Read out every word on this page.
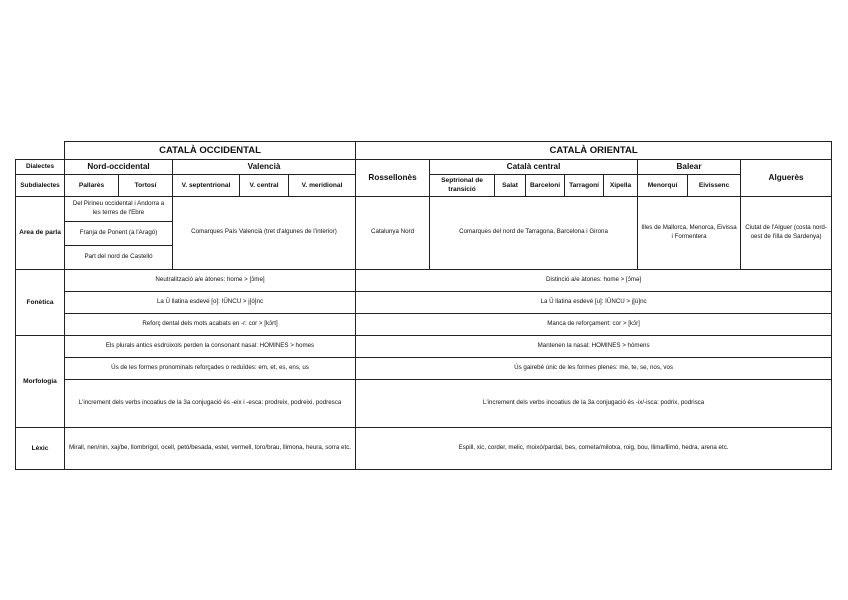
	CATALÀ OCCIDENTAL					CATALÀ ORIENTAL								
Dialectes	Nord-occidental		Valencià			Rossellonès	Català central					Balear		Alguerès
Subdialectes	Pallarès	Tortosí	V. septentrional	V. central	V. meridional		Septrional de transició	Salat	Barceloní	Tarragoní	Xipella	Menorquí	Eivissenc	
Area de parla	Del Pirineu occidental i Andorra a les terres de l'Ebre		Comarques País Valencià (tret d'algunes de l'interior)			Catalunya Nord	Comarques del nord de Tarragona, Barcelona i Girona					Illes de Mallorca, Menorca, Eivissa i Formentera		Ciutat de l'Alguer (costa nord-oest de l'illa de Sardenya)
	Franja de Ponent (a l'Aragó)													
	Part del nord de Castelló													
Fonètica	Neutralització a/e àtones: home > [ɔ́me]					Distinció a/e àtones: home > [ɔ́mə]								
	La Ŭ llatina esdevé [o]: IŬNCU > j[ó]nc					La Ŭ llatina esdevé [u]: IŬNCU > j[ú]nc								
	Reforç dental dels mots acabats en -r: cor > [kɔ́rt]					Manca de reforçament: cor > [kɔ́r]								
Morfologia	Els plurals antics esdrúixols perden la consonant nasal: HOMINES > homes					Mantenen la nasal: HOMINES > hòmens								
	Ús de les formes pronominals reforçades o reduïdes: em, et, es, ens, us					Ús gairebé únic de les formes plenes: me, te, se, nos, vos								
	L'increment dels verbs incoatius de la 3a conjugació és -eix i -esca: prodreix, podreixi, podresca					L'increment dels verbs incoatius de la 3a conjugació és -ix/-isca: podrix, podrisca								
Lèxic	Mirall, nen/nin, xaj/be, llombrígol, ocell, petó/besada, estel, vermell, toro/brau, llimona, heura, sorra etc.					Espill, xic, corder, melic, moixó/pardal, bes, cometa/milotxa, roig, bou, llima/llimó, hedra, arena etc.								
